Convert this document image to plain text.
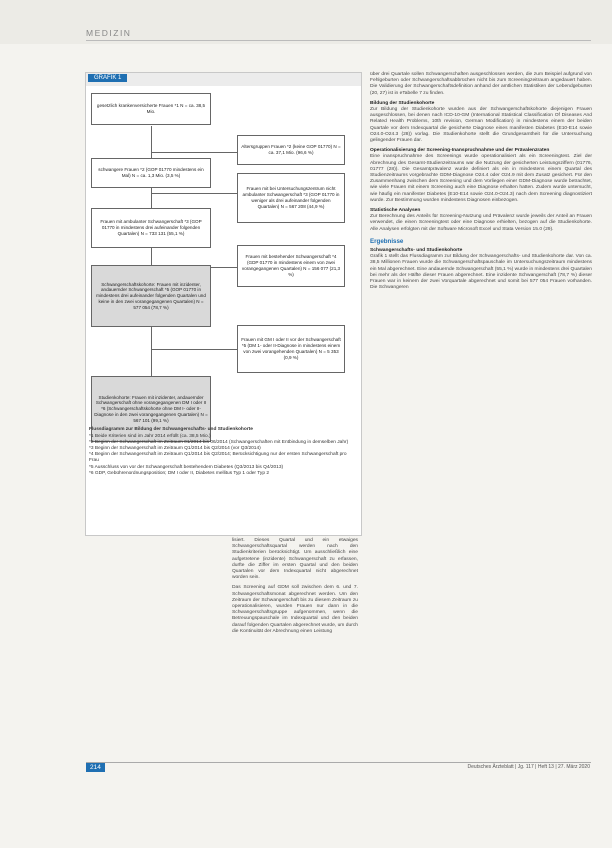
MEDIZIN
GRAFIK 1
gesetzlich krankenversicherte Frauen *1 N = ca. 38,5 Mio.
Altersgruppen Frauen *2 (keine GOP 01770) N = ca. 37,1 Mio. (96,6 %)
schwangere Frauen *2 (GOP 01770 mindestens ein Mal) N = ca. 1,3 Mio. (3,5 %)
Frauen mit bei Untersuchungszentrum nicht ambulanter Schwangerschaft *3 (GOP 01770 in weniger als drei aufeinander folgenden Quartalen) N = 567 208 (44,9 %)
Frauen mit ambulanter Schwangerschaft *3 (GOP 01770 in mindestens drei aufeinander folgenden Quartalen) N = 733 131 (55,1 %)
Frauen mit bestehender Schwangerschaft *4 (GDP 01770 in mindestens einem von zwei vorangegangenen Quartalen) N = 156 077 (21,3 %)
Schwangerschaftskohorte: Frauen mit inzidenter, andauernder Schwangerschaft *5 (GOP 01770 in mindestens drei aufeinander folgenden Quartalen und keine in den zwei vorangegangenen Quartalen) N = 577 054 (78,7 %)
Frauen mit GM I oder II vor der Schwangerschaft *5 (DM 1- oder II-Diagnose in mindestens einem von zwei vorangehenden Quartalen) N = 5 353 (0,9 %)
Studienkohorte: Frauen mit inzidenter, andauernder Schwangerschaft ohne vorangegangenen DM I oder II *6 (Schwangerschaftskohorte ohne DM I- oder II-Diagnose in den zwei vorangegangenen Quartalen) N = 567 101 (99,1 %)
Flussdiagramm zur Bildung der Schwangerschafts- und Studienkohorte
*1 Beide Kriterien sind im Jahr 2014 erfüllt (ca. 38,5 Mio.)
*2 Beginn der Schwangerschaft im Zeitraum 01/2014 bis 06/2014 (Schwangerschaften mit Entbindung in demselben Jahr)
*3 Beginn der Schwangerschaft im Zeitraum Q1/2014 bis Q2/2014 (vor Q3/2014)
*4 Beginn der Schwangerschaft im Zeitraum Q1/2014 bis Q2/2014; Berücksichtigung nur der ersten Schwangerschaft pro Frau
*5 Ausschluss von vor der Schwangerschaft bestehendem Diabetes (Q3/2013 bis Q4/2013)
*6 GDP, Gebührenordnungsposition; DM I oder II, Diabetes mellitus Typ 1 oder Typ 2

lisiert. Dieses Quartal und ein etwaiges Schwangerschaftsquartal werden nach den Studienkriterien berücksichtigt. Um ausschließlich eine aufgetretene (inzidente) Schwangerschaft zu erfassen, durfte die Ziffer im ersten Quartal und den beiden Quartalen vor dem Indexquartal nicht abgerechnet worden sein.

Das Screening auf GDM soll zwischen dem 6. und 7. Schwangerschaftsmonat abgerechnet werden. Um den Zeitraum der Schwangerschaft bis zu diesem Zeitraum zu operationalisieren, wurden Frauen nur dann in die Schwangerschaftsgruppe aufgenommen, wenn die Betreuungspauschale im Indexquartal und den beiden darauf folgenden Quartalen abgerechnet wurde, um durch die Kontinuität der Abrechnung einen Leistung

über drei Quartale sollen Schwangerschaften ausgeschlossen werden, die zum Beispiel aufgrund von Fehlgeburten oder Schwangerschaftsabbrüchen nicht bis zum Screeningzeitraum angedauert haben. Die Validierung der Schwangerschaftsdefinition anhand der amtlichen Statistiken der Lebendgeburten (20, 27) ist in eTabelle 7 zu finden.

Bildung der Studienkohorte

Zur Bildung der Studienkohorte wurden aus der Schwangerschaftskohorte diejenigen Frauen ausgeschlossen, bei denen nach ICD-10-GM (International Statistical Classification Of Diseases And Related Health Problems, 10th revision, German Modification) in mindestens einem der beiden Quartale vor dem Indexquartal die gesicherte Diagnose eines manifesten Diabetes (E10-E14 sowie O24.0-O24.3 (28)) vorlag. Die Studienkohorte stellt die Grundgesamtheit für die Untersuchung gelingender Frauen dar.

Operationalisierung der Screening-Inanspruchnahme und der Prävalenzraten

Eine inanspruchnahme des Screenings wurde operationalisiert als ein Screeningtest. Ziel der Abrechnung des Gesamt-Studienzeitraums war die Nutzung der gesicherten Leistungsziffern (01776, 01777 (28)). Die Gesamtprävalenz wurde definiert als ein in mindestens einem Quartal des Studienzeitraums vorgebrachte GDM-Diagnose O24.4 oder O24.9 mit dem Zusatz gesichert. Für den Zusammenhang zwischen dem Screening und dem Vorliegen einer GDM-Diagnose wurde betrachtet, wie viele Frauen mit einem Screening auch eine Diagnose erhalten hatten. Zudem wurde untersucht, wie häufig ein manifester Diabetes (E10-E14 sowie O24.0-O24.3) nach dem Screening diagnostiziert wurde. Zur Bestimmung wurden mindestens Diagnosen einbezogen.

Statistische Analysen

Zur Berechnung des Anteils für Screening-Nutzung und Prävalenz wurde jeweils der Anteil an Frauen verwendet, die einen Screeningtest oder eine Diagnose erhielten, bezogen auf die Studienkohorte. Alle Analysen erfolgten mit der Software Microsoft Excel und Stata Version 15.0 (29).

Ergebnisse
Schwangerschafts- und Studienkohorte

Grafik 1 stellt das Flussdiagramm zur Bildung der Schwangerschafts- und Studienkohorte dar. Von ca. 38,5 Millionen Frauen wurde die Schwangerschaftspauschale im Untersuchungszeitraum mindestens ein Mal abgerechnet. Eine andauernde Schwangerschaft (55,1 %) wurde in mindestens drei Quartalen bei mehr als der Hälfte dieser Frauen abgerechnet. Eine inzidente Schwangerschaft (78,7 %) dieser Frauen war in keinem der zwei Vorquartale abgerechnet und somit bei 577 054 Frauen vorhanden. Die Schwangeren

214	Deutsches Ärzteblatt | Jg. 117 | Heft 13 | 27. März 2020
